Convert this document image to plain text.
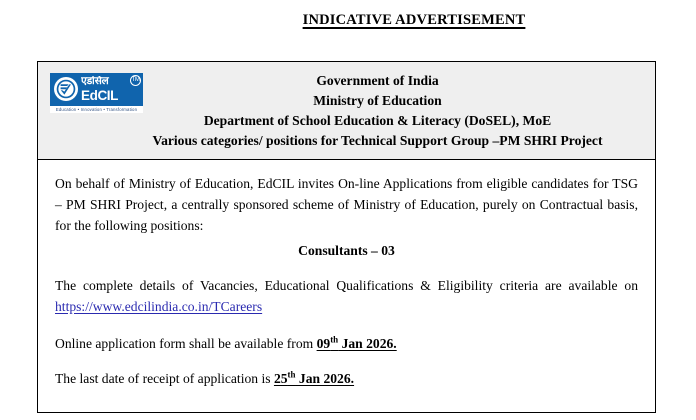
INDICATIVE ADVERTISEMENT
एडसिल
EdCIL
TM
Education • Innovation • Transformation
Government of India
Ministry of Education
Department of School Education & Literacy (DoSEL), MoE
Various categories/ positions for Technical Support Group –PM SHRI Project

On behalf of Ministry of Education, EdCIL invites On-line Applications from eligible candidates for TSG – PM SHRI Project, a centrally sponsored scheme of Ministry of Education, purely on Contractual basis, for the following positions:

Consultants – 03

The complete details of Vacancies, Educational Qualifications & Eligibility criteria are available on https://www.edcilindia.co.in/TCareers

Online application form shall be available from 09th Jan 2026.

The last date of receipt of application is 25th Jan 2026.
